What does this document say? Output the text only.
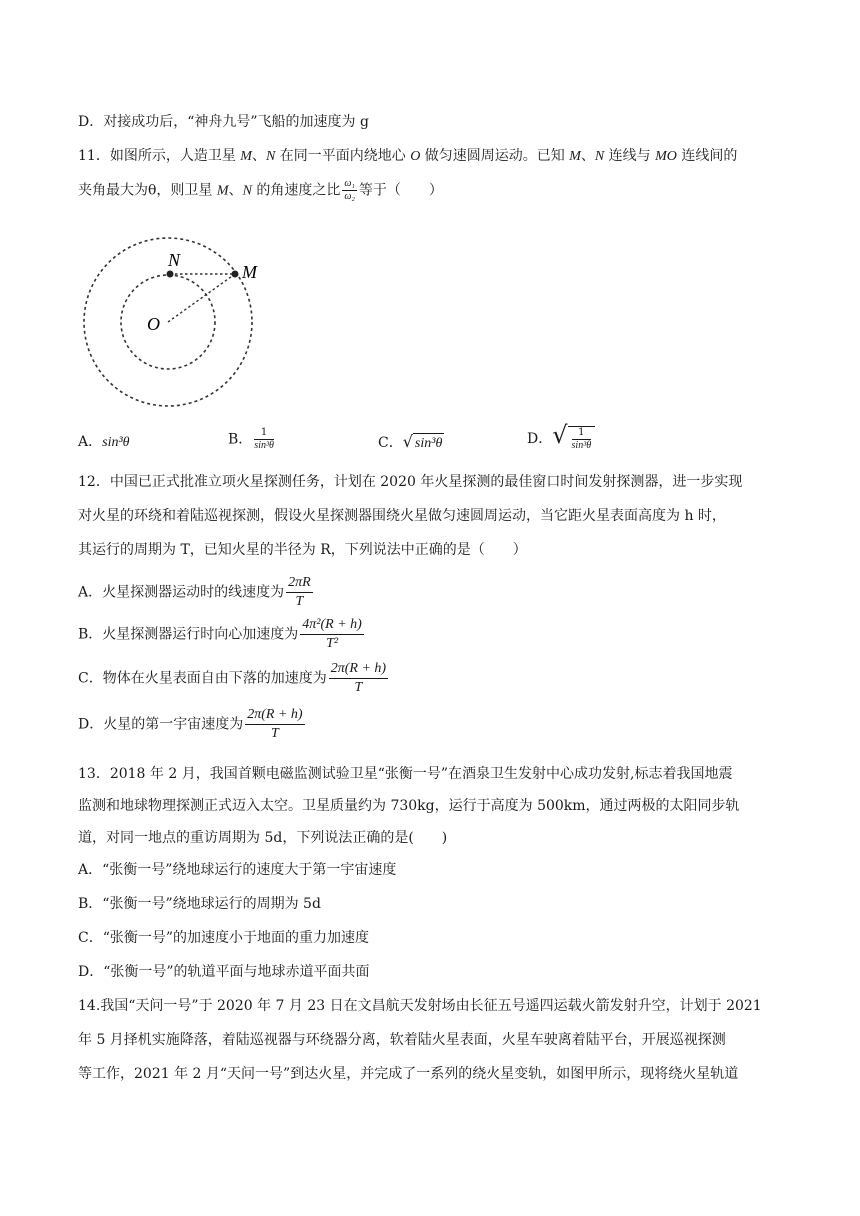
D．对接成功后，“神舟九号”飞船的加速度为 g
11．如图所示，人造卫星 M、N 在同一平面内绕地心 O 做匀速圆周运动。已知 M、N 连线与 MO 连线间的
夹角最大为θ，则卫星 M、N 的角速度之比 $\frac{\text{ω₁}}{\text{ω₂}}$ 等于（　　）
N
M
O
A．sin³θ	B． $\frac{1}{\text{sin³θ}}$	C．√ sin³θ	D．√ $\frac{1}{\text{sin³θ}}$
12．中国已正式批准立项火星探测任务，计划在 2020 年火星探测的最佳窗口时间发射探测器，进一步实现
对火星的环绕和着陆巡视探测，假设火星探测器围绕火星做匀速圆周运动，当它距火星表面高度为 h 时，
其运行的周期为 T，已知火星的半径为 R，下列说法中正确的是（　　）
A．火星探测器运动时的线速度为 $\frac{2\pi R}{T}$
B．火星探测器运行时向心加速度为 $\frac{\text{4π²(R + h)}}{\text{T²}}$
C．物体在火星表面自由下落的加速度为 $\frac{2\pi(R + h)}{T}$
D．火星的第一宇宙速度为 $\frac{2\pi(R + h)}{T}$
13．2018 年 2 月，我国首颗电磁监测试验卫星“张衡一号”在酒泉卫生发射中心成功发射,标志着我国地震
监测和地球物理探测正式迈入太空。卫星质量约为 730kg，运行于高度为 500km，通过两极的太阳同步轨
道，对同一地点的重访周期为 5d，下列说法正确的是(　　)
A．“张衡一号”绕地球运行的速度大于第一宇宙速度
B．“张衡一号”绕地球运行的周期为 5d
C．“张衡一号”的加速度小于地面的重力加速度
D．“张衡一号”的轨道平面与地球赤道平面共面
14.我国“天问一号”于 2020 年 7 月 23 日在文昌航天发射场由长征五号遥四运载火箭发射升空，计划于 2021
年 5 月择机实施降落，着陆巡视器与环绕器分离，软着陆火星表面，火星车驶离着陆平台，开展巡视探测
等工作，2021 年 2 月“天问一号”到达火星，并完成了一系列的绕火星变轨，如图甲所示，现将绕火星轨道
